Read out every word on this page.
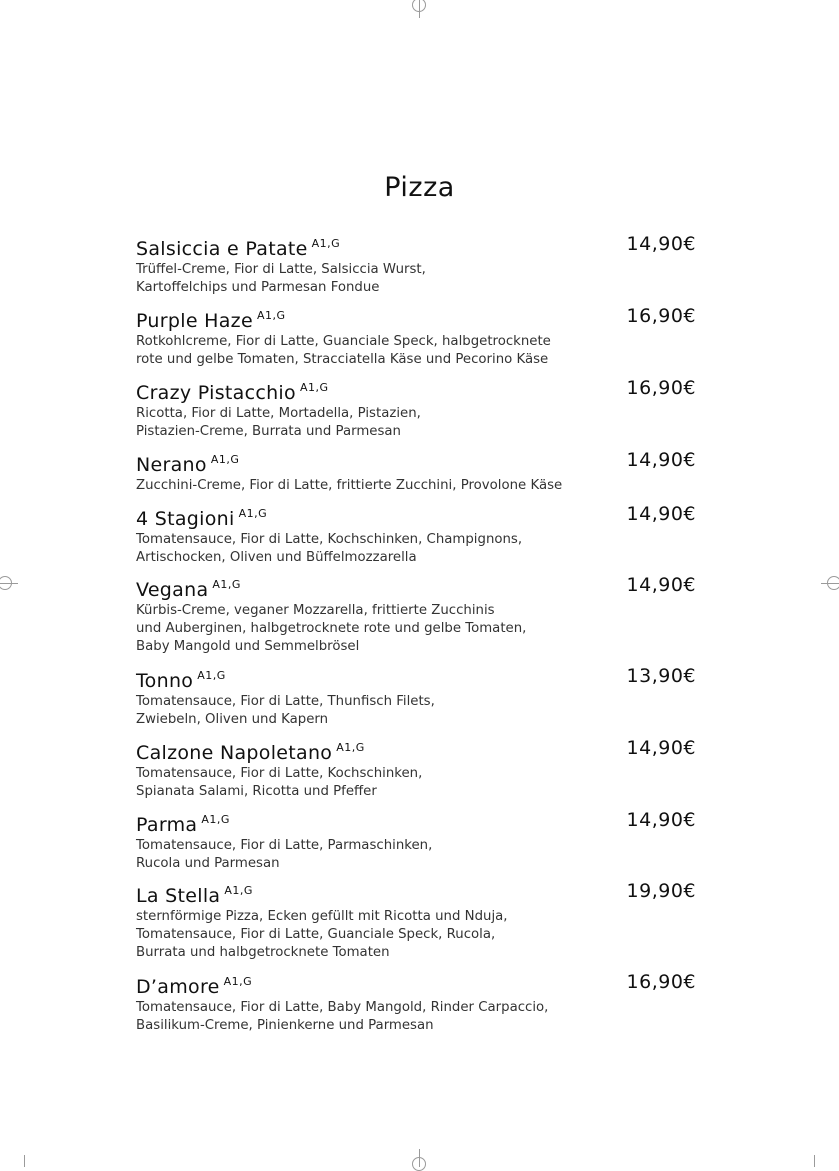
Pizza
Salsiccia e Patate $^{A1,G}$	14,90€
Trüffel-Creme, Fior di Latte, Salsiccia Wurst,
Kartoffelchips und Parmesan Fondue
Purple Haze $^{A1,G}$	16,90€
Rotkohlcreme, Fior di Latte, Guanciale Speck, halbgetrocknete
rote und gelbe Tomaten, Stracciatella Käse und Pecorino Käse
Crazy Pistacchio $^{A1,G}$	16,90€
Ricotta, Fior di Latte, Mortadella, Pistazien,
Pistazien-Creme, Burrata und Parmesan
Nerano $^{A1,G}$	14,90€
Zucchini-Creme, Fior di Latte, frittierte Zucchini, Provolone Käse
4 Stagioni $^{A1,G}$	14,90€
Tomatensauce, Fior di Latte, Kochschinken, Champignons,
Artischocken, Oliven und Büffelmozzarella
Vegana $^{A1,G}$	14,90€
Kürbis-Creme, veganer Mozzarella, frittierte Zucchinis
und Auberginen, halbgetrocknete rote und gelbe Tomaten,
Baby Mangold und Semmelbrösel
Tonno $^{A1,G}$	13,90€
Tomatensauce, Fior di Latte, Thunfisch Filets,
Zwiebeln, Oliven und Kapern
Calzone Napoletano $^{A1,G}$	14,90€
Tomatensauce, Fior di Latte, Kochschinken,
Spianata Salami, Ricotta und Pfeffer
Parma $^{A1,G}$	14,90€
Tomatensauce, Fior di Latte, Parmaschinken,
Rucola und Parmesan
La Stella $^{A1,G}$	19,90€
sternförmige Pizza, Ecken gefüllt mit Ricotta und Nduja,
Tomatensauce, Fior di Latte, Guanciale Speck, Rucola,
Burrata und halbgetrocknete Tomaten
D’amore $^{A1,G}$	16,90€
Tomatensauce, Fior di Latte, Baby Mangold, Rinder Carpaccio,
Basilikum-Creme, Pinienkerne und Parmesan
